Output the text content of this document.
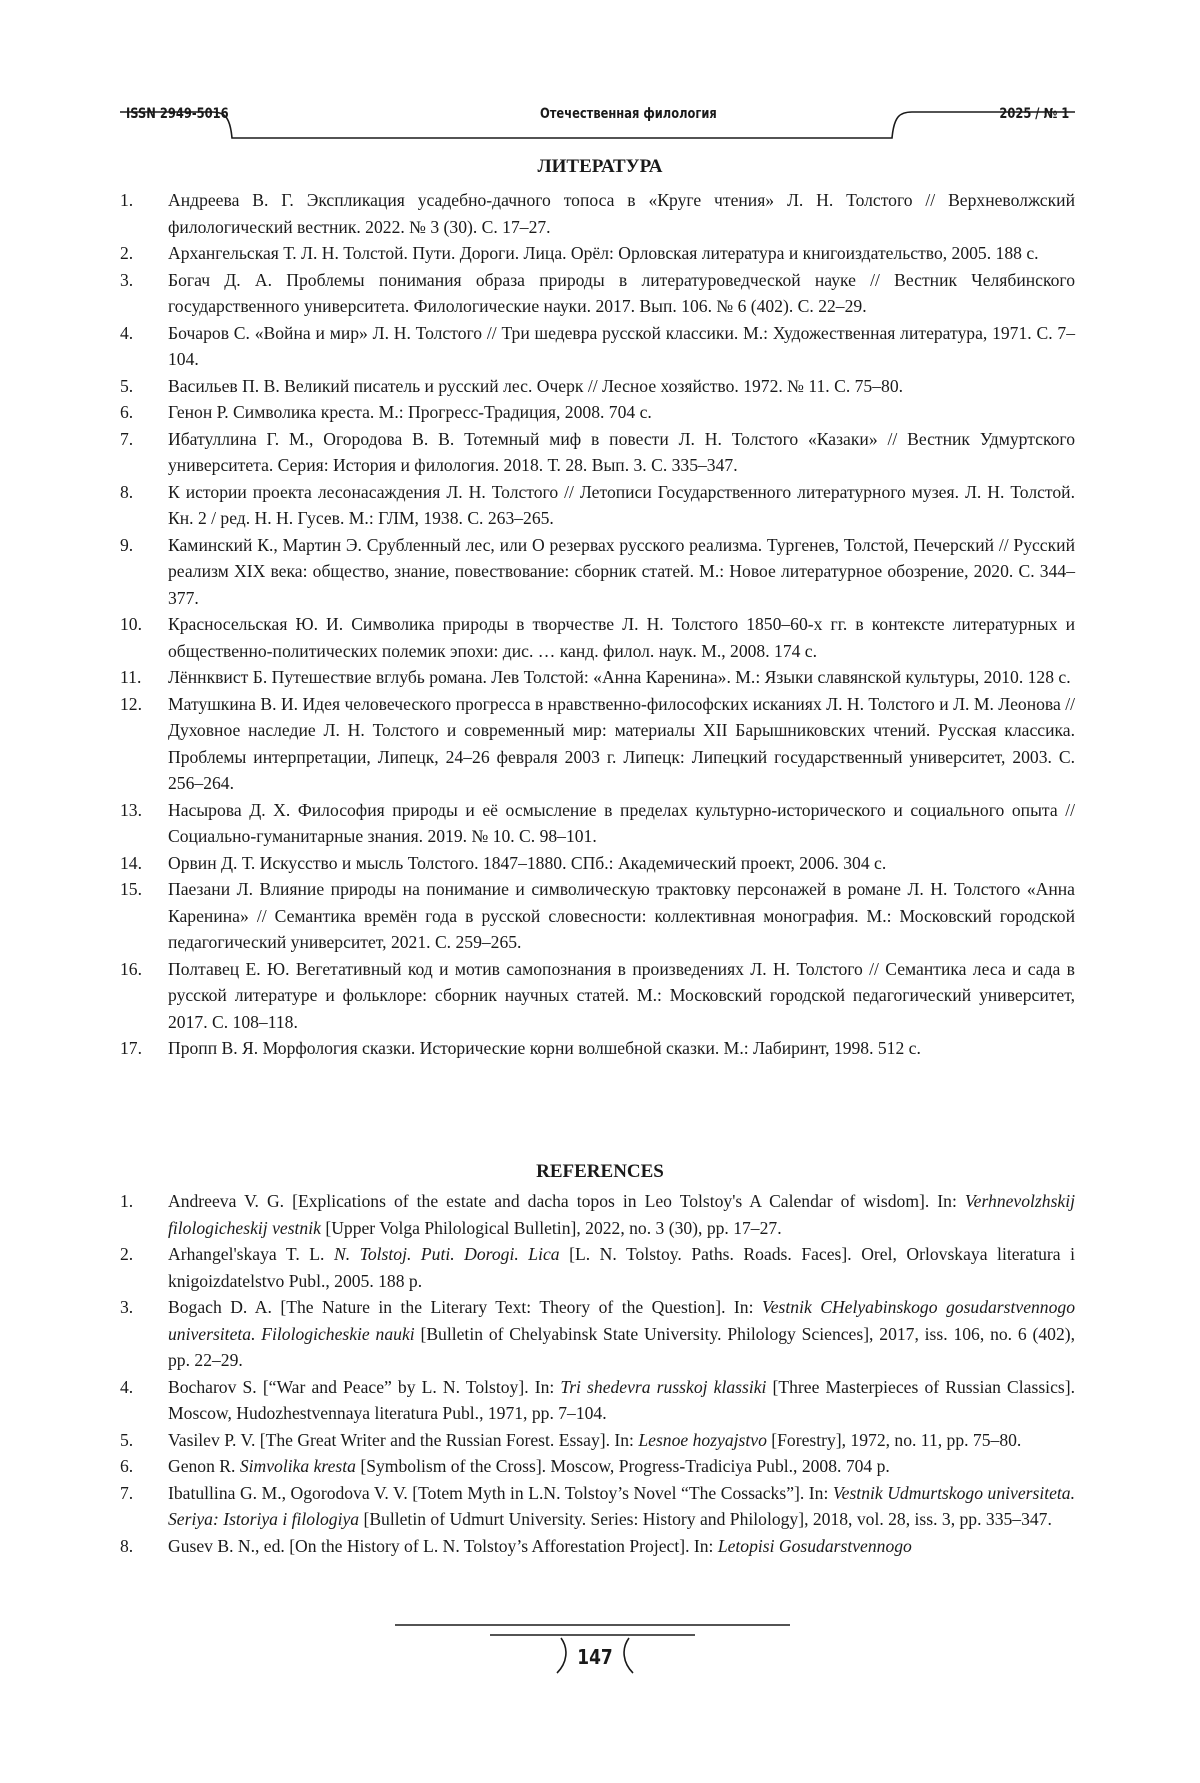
ISSN 2949-5016	Отечественная филология	2025 / № 1
ЛИТЕРАТУРА
1.	Андреева В. Г. Экспликация усадебно-дачного топоса в «Круге чтения» Л. Н. Толстого // Верхневолжский филологический вестник. 2022. № 3 (30). С. 17–27.
2.	Архангельская Т. Л. Н. Толстой. Пути. Дороги. Лица. Орёл: Орловская литература и книгоиздательство, 2005. 188 с.
3.	Богач Д. А. Проблемы понимания образа природы в литературоведческой науке // Вестник Челябинского государственного университета. Филологические науки. 2017. Вып. 106. № 6 (402). С. 22–29.
4.	Бочаров С. «Война и мир» Л. Н. Толстого // Три шедевра русской классики. М.: Художественная литература, 1971. С. 7–104.
5.	Васильев П. В. Великий писатель и русский лес. Очерк // Лесное хозяйство. 1972. № 11. С. 75–80.
6.	Генон Р. Символика креста. М.: Прогресс-Традиция, 2008. 704 с.
7.	Ибатуллина Г. М., Огородова В. В. Тотемный миф в повести Л. Н. Толстого «Казаки» // Вестник Удмуртского университета. Серия: История и филология. 2018. Т. 28. Вып. 3. С. 335–347.
8.	К истории проекта лесонасаждения Л. Н. Толстого // Летописи Государственного литературного музея. Л. Н. Толстой. Кн. 2 / ред. Н. Н. Гусев. М.: ГЛМ, 1938. С. 263–265.
9.	Каминский К., Мартин Э. Срубленный лес, или О резервах русского реализма. Тургенев, Толстой, Печерский // Русский реализм XIX века: общество, знание, повествование: сборник статей. М.: Новое литературное обозрение, 2020. С. 344–377.
10.	Красносельская Ю. И. Символика природы в творчестве Л. Н. Толстого 1850–60-х гг. в контексте литературных и общественно-политических полемик эпохи: дис. … канд. филол. наук. М., 2008. 174 с.
11.	Лённквист Б. Путешествие вглубь романа. Лев Толстой: «Анна Каренина». М.: Языки славянской культуры, 2010. 128 с.
12.	Матушкина В. И. Идея человеческого прогресса в нравственно-философских исканиях Л. Н. Толстого и Л. М. Леонова // Духовное наследие Л. Н. Толстого и современный мир: материалы XII Барышниковских чтений. Русская классика. Проблемы интерпретации, Липецк, 24–26 февраля 2003 г. Липецк: Липецкий государственный университет, 2003. С. 256–264.
13.	Насырова Д. Х. Философия природы и её осмысление в пределах культурно-исторического и социального опыта // Социально-гуманитарные знания. 2019. № 10. С. 98–101.
14.	Орвин Д. Т. Искусство и мысль Толстого. 1847–1880. СПб.: Академический проект, 2006. 304 с.
15.	Паезани Л. Влияние природы на понимание и символическую трактовку персонажей в романе Л. Н. Толстого «Анна Каренина» // Семантика времён года в русской словесности: коллективная монография. М.: Московский городской педагогический университет, 2021. С. 259–265.
16.	Полтавец Е. Ю. Вегетативный код и мотив самопознания в произведениях Л. Н. Толстого // Семантика леса и сада в русской литературе и фольклоре: сборник научных статей. М.: Московский городской педагогический университет, 2017. С. 108–118.
17.	Пропп В. Я. Морфология сказки. Исторические корни волшебной сказки. М.: Лабиринт, 1998. 512 с.
REFERENCES
1.	Andreeva V. G. [Explications of the estate and dacha topos in Leo Tolstoy's A Calendar of wisdom]. In: Verhnevolzhskij filologicheskij vestnik [Upper Volga Philological Bulletin], 2022, no. 3 (30), pp. 17–27.
2.	Arhangel'skaya T. L. N. Tolstoj. Puti. Dorogi. Lica [L. N. Tolstoy. Paths. Roads. Faces]. Orel, Orlovskaya literatura i knigoizdatelstvo Publ., 2005. 188 p.
3.	Bogach D. A. [The Nature in the Literary Text: Theory of the Question]. In: Vestnik CHelyabinskogo gosudarstvennogo universiteta. Filologicheskie nauki [Bulletin of Chelyabinsk State University. Philology Sciences], 2017, iss. 106, no. 6 (402), pp. 22–29.
4.	Bocharov S. [“War and Peace” by L. N. Tolstoy]. In: Tri shedevra russkoj klassiki [Three Masterpieces of Russian Classics]. Moscow, Hudozhestvennaya literatura Publ., 1971, pp. 7–104.
5.	Vasilev P. V. [The Great Writer and the Russian Forest. Essay]. In: Lesnoe hozyajstvo [Forestry], 1972, no. 11, pp. 75–80.
6.	Genon R. Simvolika kresta [Symbolism of the Cross]. Moscow, Progress-Tradiciya Publ., 2008. 704 p.
7.	Ibatullina G. M., Ogorodova V. V. [Totem Myth in L.N. Tolstoy’s Novel “The Cossacks”]. In: Vestnik Udmurtskogo universiteta. Seriya: Istoriya i filologiya [Bulletin of Udmurt University. Series: History and Philology], 2018, vol. 28, iss. 3, pp. 335–347.
8.	Gusev B. N., ed. [On the History of L. N. Tolstoy’s Afforestation Project]. In: Letopisi Gosudarstvennogo
147
